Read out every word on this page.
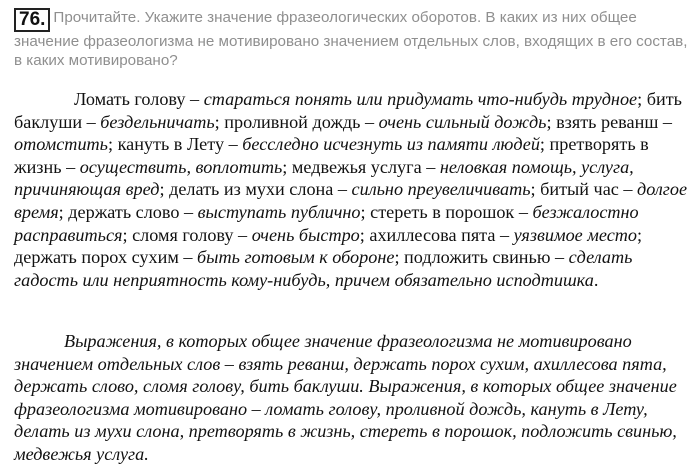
76. Прочитайте. Укажите значение фразеологических оборотов. В каких из них общее значение фразеологизма не мотивировано значением отдельных слов, входящих в его состав, в каких мотивировано?
Ломать голову – стараться понять или придумать что-нибудь трудное; бить баклуши – бездельничать; проливной дождь – очень сильный дождь; взять реванш – отомстить; кануть в Лету – бесследно исчезнуть из памяти людей; претворять в жизнь – осуществить, воплотить; медвежья услуга – неловкая помощь, услуга, причиняющая вред; делать из мухи слона – сильно преувеличивать; битый час – долгое время; держать слово – выступать публично; стереть в порошок – безжалостно расправиться; сломя голову – очень быстро; ахиллесова пята – уязвимое место; держать порох сухим – быть готовым к обороне; подложить свинью – сделать гадость или неприятность кому-нибудь, причем обязательно исподтишка.
Выражения, в которых общее значение фразеологизма не мотивировано значением отдельных слов – взять реванш, держать порох сухим, ахиллесова пята, держать слово, сломя голову, бить баклуши. Выражения, в которых общее значение фразеологизма мотивировано – ломать голову, проливной дождь, кануть в Лету, делать из мухи слона, претворять в жизнь, стереть в порошок, подложить свинью, медвежья услуга.
